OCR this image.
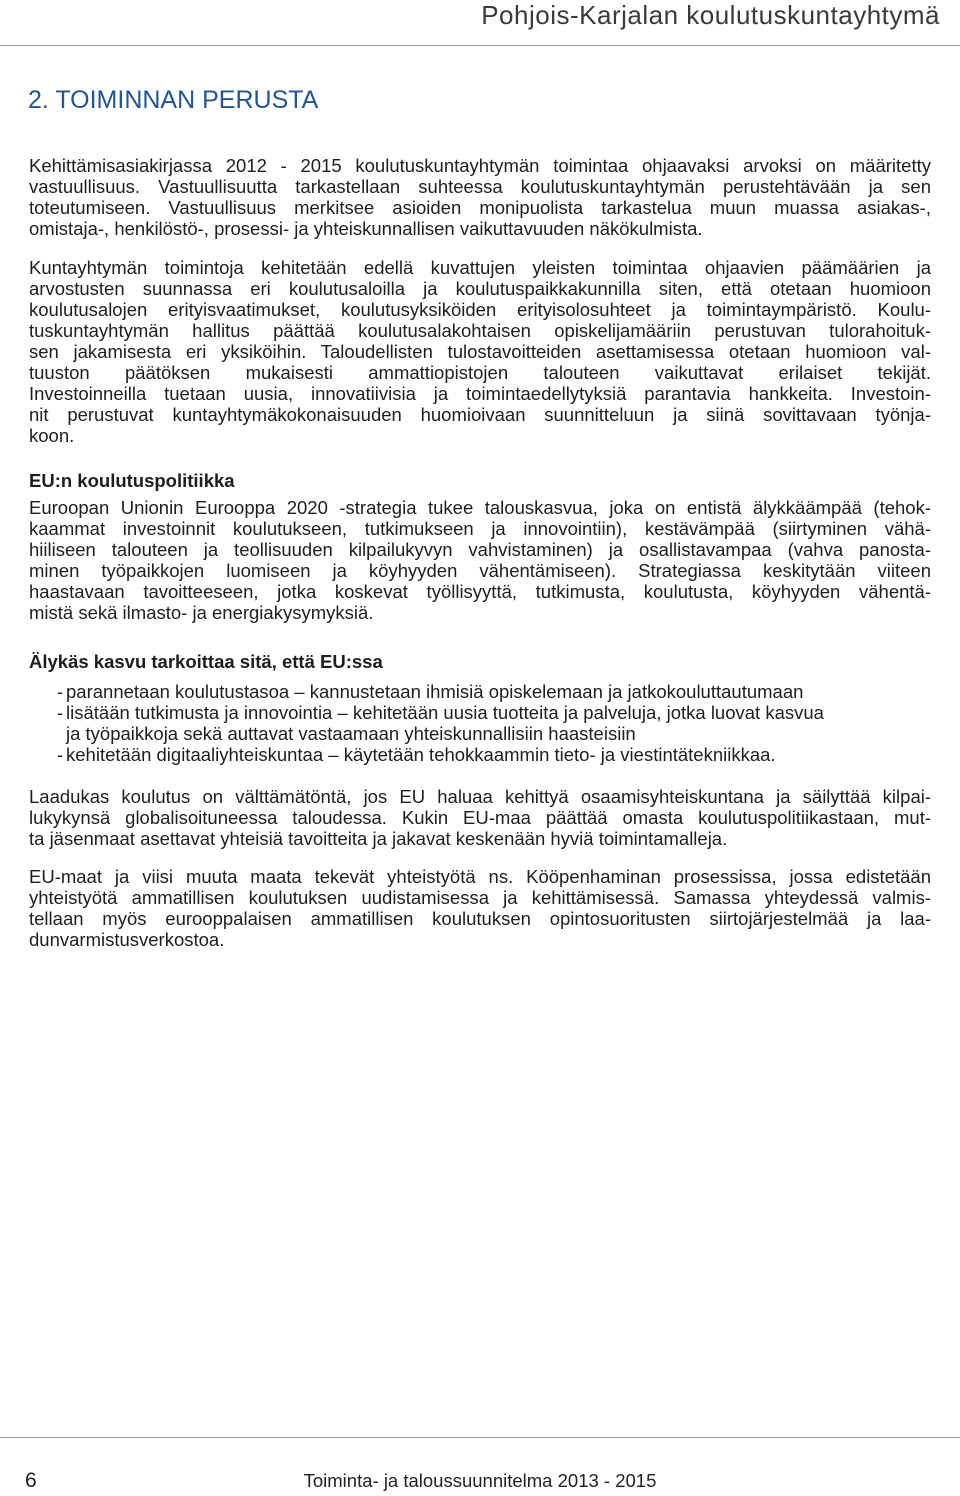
Pohjois-Karjalan koulutuskuntayhtymä
2. TOIMINNAN PERUSTA
Kehittämisasiakirjassa 2012 - 2015 koulutuskuntayhtymän toimintaa ohjaavaksi arvoksi on määritetty
vastuullisuus. Vastuullisuutta tarkastellaan suhteessa koulutuskuntayhtymän perustehtävään ja sen
toteutumiseen. Vastuullisuus merkitsee asioiden monipuolista tarkastelua muun muassa asiakas-,
omistaja-, henkilöstö-, prosessi- ja yhteiskunnallisen vaikuttavuuden näkökulmista.
Kuntayhtymän toimintoja kehitetään edellä kuvattujen yleisten toimintaa ohjaavien päämäärien ja
arvostusten suunnassa eri koulutusaloilla ja koulutuspaikkakunnilla siten, että otetaan huomioon
koulutusalojen erityisvaatimukset, koulutusyksiköiden erityisolosuhteet ja toimintaympäristö. Koulu-
tuskuntayhtymän hallitus päättää koulutusalakohtaisen opiskelijamääriin perustuvan tulorahoituk-
sen jakamisesta eri yksiköihin. Taloudellisten tulostavoitteiden asettamisessa otetaan huomioon val-
tuuston päätöksen mukaisesti ammattiopistojen talouteen vaikuttavat erilaiset tekijät.
Investoinneilla tuetaan uusia, innovatiivisia ja toimintaedellytyksiä parantavia hankkeita. Investoin-
nit perustuvat kuntayhtymäkokonaisuuden huomioivaan suunnitteluun ja siinä sovittavaan työnja-
koon.
EU:n koulutuspolitiikka
Euroopan Unionin Eurooppa 2020 -strategia tukee talouskasvua, joka on entistä älykkäämpää (tehok-
kaammat investoinnit koulutukseen, tutkimukseen ja innovointiin), kestävämpää (siirtyminen vähä-
hiiliseen talouteen ja teollisuuden kilpailukyvyn vahvistaminen) ja osallistavampaa (vahva panosta-
minen työpaikkojen luomiseen ja köyhyyden vähentämiseen). Strategiassa keskitytään viiteen
haastavaan tavoitteeseen, jotka koskevat työllisyyttä, tutkimusta, koulutusta, köyhyyden vähentä-
mistä sekä ilmasto- ja energiakysymyksiä.
Älykäs kasvu tarkoittaa sitä, että EU:ssa
- parannetaan koulutustasoa – kannustetaan ihmisiä opiskelemaan ja jatkokouluttautumaan
- lisätään tutkimusta ja innovointia – kehitetään uusia tuotteita ja palveluja, jotka luovat kasvua
ja työpaikkoja sekä auttavat vastaamaan yhteiskunnallisiin haasteisiin
- kehitetään digitaaliyhteiskuntaa – käytetään tehokkaammin tieto- ja viestintätekniikkaa.
Laadukas koulutus on välttämätöntä, jos EU haluaa kehittyä osaamisyhteiskuntana ja säilyttää kilpai-
lukykynsä globalisoituneessa taloudessa. Kukin EU-maa päättää omasta koulutuspolitiikastaan, mut-
ta jäsenmaat asettavat yhteisiä tavoitteita ja jakavat keskenään hyviä toimintamalleja.
EU-maat ja viisi muuta maata tekevät yhteistyötä ns. Kööpenhaminan prosessissa, jossa edistetään
yhteistyötä ammatillisen koulutuksen uudistamisessa ja kehittämisessä. Samassa yhteydessä valmis-
tellaan myös eurooppalaisen ammatillisen koulutuksen opintosuoritusten siirtojärjestelmää ja laa-
dunvarmistusverkostoa.
6	Toiminta- ja taloussuunnitelma 2013 - 2015
